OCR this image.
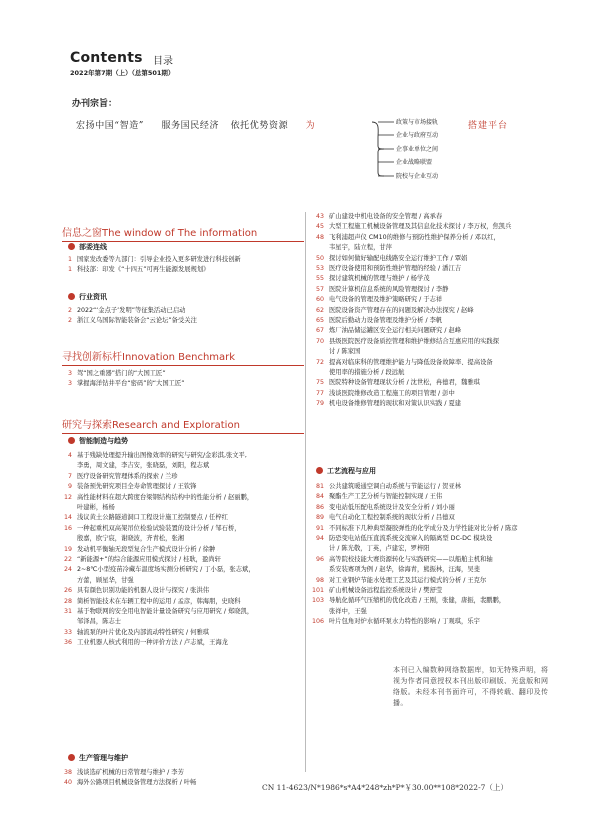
Contents 目录
2022年第7期（上）（总第501期）
办刊宗旨：
宏扬中国“智造” 服务国民经济 依托优势资源 为	政策与市场接轨
企业与政府互动
企事业单位之间
企业战略联盟
院校与企业互动
搭建平台
信息之窗The window of The information
部委连线
1 国家发改委等九部门：引导企业投入更多研发进行科技创新
1 科技部：印发《“十四五”可再生能源发展规划》
行业资讯
2 2022“‘金点子’发明”等征集活动已启动
2 浙江义乌国际智能装备会“云论坛”备受关注
寻找创新标杆Innovation Benchmark
3 驾“国之重器”搭门的“大国工匠”
3 掌握海洋钻井平台“密码”的“大国工匠”
研究与探索Research and Exploration
智能制造与趋势
4 基于残缺处理提升输出图像效率的研究与研究/金彩淇,张文平,
李勇，周文建，李吉安，张晓磊，刘阳，程志斌
7 医疗设备研究管理体系的探索 / 兰珍
9 装备预先研究项目全寿命管理探讨 / 王钦锋
12 高性能材料在超大跨度台梁钢结构结构中的性能分析 / 赵丽鹏，
叶建彬，杨杨
14 浅议黄土公路隧道洞口工程设计施工控制要点 / 任梓红
16 一种起重机双高架吊位检验试验装置的设计分析 / 邹石桥，
殷嘉，欧宁宸，谢晓波，齐青松，张湘
19 发动机平衡轴无段型复合生产模式设计分析 / 徐翀
22 “新能源+”的综合能源应用模式探讨 / 桂耿，盈尚轩
24 2~8℃小型疫苗冷藏车温度场实测分析研究 / 丁小磊，张志斌，
方蕾，顾星华，甘强
26 具有颜色识别功能的机器人设计与探究 / 张洪伟
28 简析智能技术在车辆工程中的运用 / 孟彦，韩海朋，史晓科
31 基于物联网的安全用电智能计量设备研究与应用研究 / 郑晓凯，
邹泽昌，陈志士
33 轴流泵的叶片优化及内部流动特性研究 / 何雅琪
36 工业机器人核式利用的一种评价方法 / 卢志斌，王海龙
生产管理与维护
38 浅谈选矿机械的日常管理与维护 / 李芳
40 海外公路项目机械设备管理方法探析 / 叶畅
43 矿山建设中机电设备的安全管理 / 高承春
45 大型工程施工机械设备管理及其信息化技术探讨 / 李万权，焦凯兵
48 飞利浦超声仪 CM10的维修与预防性维护保养分析 / 邓以红，
韦星宇，陆立程，甘萍
50 探讨如何做好输配电线路安全运行维护工作 / 覃娟
53 医疗设备使用和预防性维护管理的经验 / 潘江吉
55 探讨建筑机械的管理与维护 / 杨学茂
57 医院计算机信息系统的风险管理探讨 / 李静
60 电气设备的管理及维护策略研究 / 于志祥
62 医院设备资产管理存在的问题及解决办法探究 / 赵峰
65 医院后勤动力设备管理及维护分析 / 李帆
67 炼厂油品储运罐区安全运行相关问题研究 / 赵峰
70 县级医院医疗设备质控管理和维护维修结合互惠应用的实践探
讨 / 陈家国
72 提高对临床科的管理维护能力与降低设备故障率、提高设备
使用率的措施分析 / 段远航
75 医院特种设备管理现状分析 / 沈世松，冉德君，魏雅琪
77 浅谈医院维修改造工程施工的项目管理 / 彭中
79 机电设备维修管理的现状和对策认识实践 / 夏建
工艺流程与应用
81 公共建筑暖通空调自动系统与节能运行 / 贺亚林
84 聚酯生产工艺分析与智能控制实现 / 王伟
86 变电站低压配电系统设计及安全分析 / 刘小丽
89 电气自动化工程控制系统的现状分析 / 吕德双
91 不同标准下几种典型凝胶弹性的化学成分及力学性能对比分析 / 陈彦
94 防恐变电站低压直流系统交流窜入的隔离型 DC-DC 模块设
计 / 陈光敬，丁英，卢建宏，罗梓阳
96 高等院校技能大赛资源转化与实践研究——以船舶主机和轴
系安装赛项为例 / 赵华，徐海青，熊振林，汪海，吴斐
98 对工业钢炉节能水处理工艺及其运行模式的分析 / 王克尔
101 矿山机械设备远程监控系统设计 / 樊舒莹
103 导航化循环气压缩机的优化改造 / 王刚，张健，唐振，裴鹏鹏，
张祥中，王强
106 叶片包角对炉水循环泵水力特性的影响 / 丁观琪，乐宇
本刊已入编数种网络数据库，如无特殊声明，将视为作者同意授权本刊出版印刷版、光盘版和网络版。未经本刊书面许可，不得转载、翻印及传播。
CN 11-4623/N*1986*s*A4*248*zh*P*￥30.00**108*2022-7（上）
